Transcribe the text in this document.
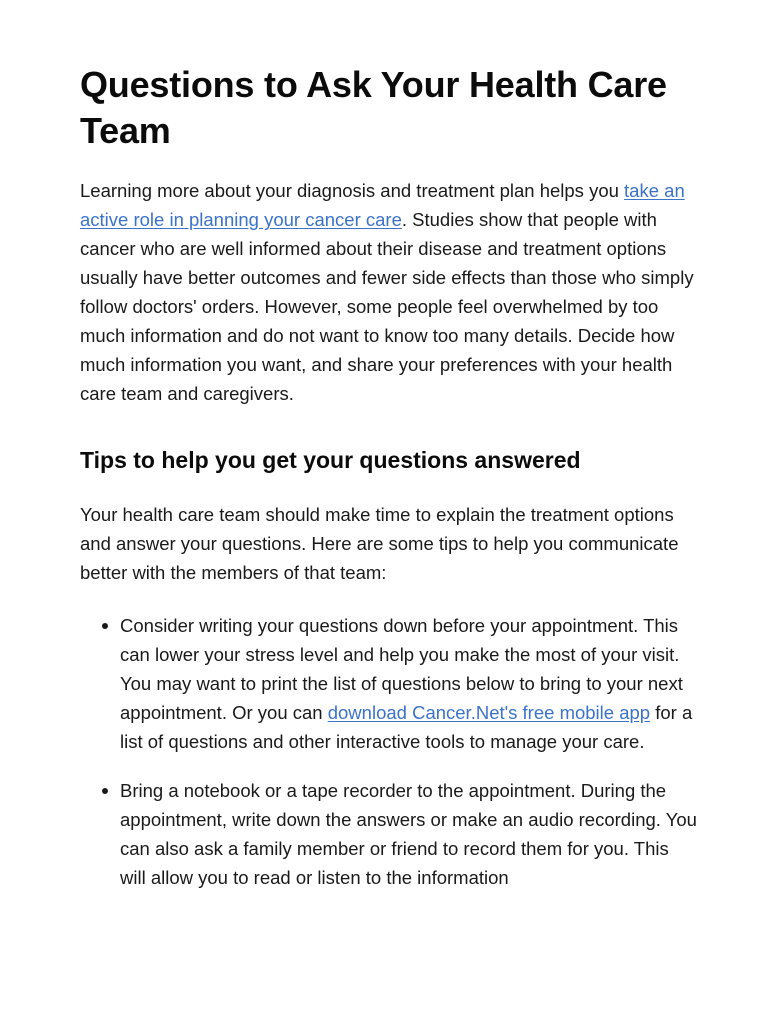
Questions to Ask Your Health Care Team

Learning more about your diagnosis and treatment plan helps you take an active role in planning your cancer care. Studies show that people with cancer who are well informed about their disease and treatment options usually have better outcomes and fewer side effects than those who simply follow doctors' orders. However, some people feel overwhelmed by too much information and do not want to know too many details. Decide how much information you want, and share your preferences with your health care team and caregivers.

Tips to help you get your questions answered

Your health care team should make time to explain the treatment options and answer your questions. Here are some tips to help you communicate better with the members of that team:

Consider writing your questions down before your appointment. This can lower your stress level and help you make the most of your visit. You may want to print the list of questions below to bring to your next appointment. Or you can download Cancer.Net's free mobile app for a list of questions and other interactive tools to manage your care.
Bring a notebook or a tape recorder to the appointment. During the appointment, write down the answers or make an audio recording. You can also ask a family member or friend to record them for you. This will allow you to read or listen to the information
